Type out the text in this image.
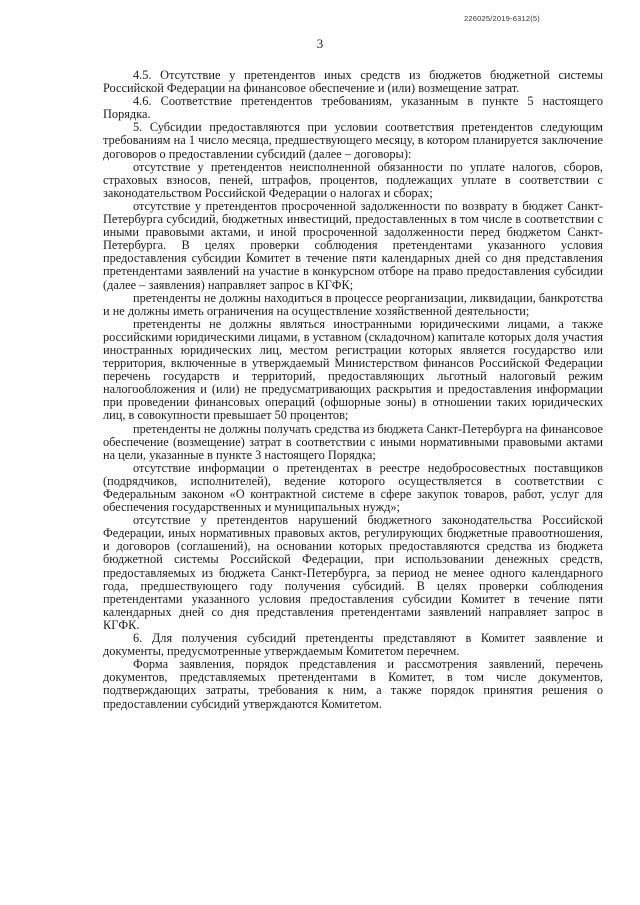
226025/2019-6312(5)
3

4.5. Отсутствие у претендентов иных средств из бюджетов бюджетной системы Российской Федерации на финансовое обеспечение и (или) возмещение затрат.

4.6. Соответствие претендентов требованиям, указанным в пункте 5 настоящего Порядка.

5. Субсидии предоставляются при условии соответствия претендентов следующим требованиям на 1 число месяца, предшествующего месяцу, в котором планируется заключение договоров о предоставлении субсидий (далее – договоры):

отсутствие у претендентов неисполненной обязанности по уплате налогов, сборов, страховых взносов, пеней, штрафов, процентов, подлежащих уплате в соответствии с законодательством Российской Федерации о налогах и сборах;

отсутствие у претендентов просроченной задолженности по возврату в бюджет Санкт-Петербурга субсидий, бюджетных инвестиций, предоставленных в том числе в соответствии с иными правовыми актами, и иной просроченной задолженности перед бюджетом Санкт-Петербурга. В целях проверки соблюдения претендентами указанного условия предоставления субсидии Комитет в течение пяти календарных дней со дня представления претендентами заявлений на участие в конкурсном отборе на право предоставления субсидии (далее – заявления) направляет запрос в КГФК;

претенденты не должны находиться в процессе реорганизации, ликвидации, банкротства и не должны иметь ограничения на осуществление хозяйственной деятельности;

претенденты не должны являться иностранными юридическими лицами, а также российскими юридическими лицами, в уставном (складочном) капитале которых доля участия иностранных юридических лиц, местом регистрации которых является государство или территория, включенные в утверждаемый Министерством финансов Российской Федерации перечень государств и территорий, предоставляющих льготный налоговый режим налогообложения и (или) не предусматривающих раскрытия и предоставления информации при проведении финансовых операций (офшорные зоны) в отношении таких юридических лиц, в совокупности превышает 50 процентов;

претенденты не должны получать средства из бюджета Санкт-Петербурга на финансовое обеспечение (возмещение) затрат в соответствии с иными нормативными правовыми актами на цели, указанные в пункте 3 настоящего Порядка;

отсутствие информации о претендентах в реестре недобросовестных поставщиков (подрядчиков, исполнителей), ведение которого осуществляется в соответствии с Федеральным законом «О контрактной системе в сфере закупок товаров, работ, услуг для обеспечения государственных и муниципальных нужд»;

отсутствие у претендентов нарушений бюджетного законодательства Российской Федерации, иных нормативных правовых актов, регулирующих бюджетные правоотношения, и договоров (соглашений), на основании которых предоставляются средства из бюджета бюджетной системы Российской Федерации, при использовании денежных средств, предоставляемых из бюджета Санкт-Петербурга, за период не менее одного календарного года, предшествующего году получения субсидий. В целях проверки соблюдения претендентами указанного условия предоставления субсидии Комитет в течение пяти календарных дней со дня представления претендентами заявлений направляет запрос в КГФК.

6. Для получения субсидий претенденты представляют в Комитет заявление и документы, предусмотренные утверждаемым Комитетом перечнем.

Форма заявления, порядок представления и рассмотрения заявлений, перечень документов, представляемых претендентами в Комитет, в том числе документов, подтверждающих затраты, требования к ним, а также порядок принятия решения о предоставлении субсидий утверждаются Комитетом.
